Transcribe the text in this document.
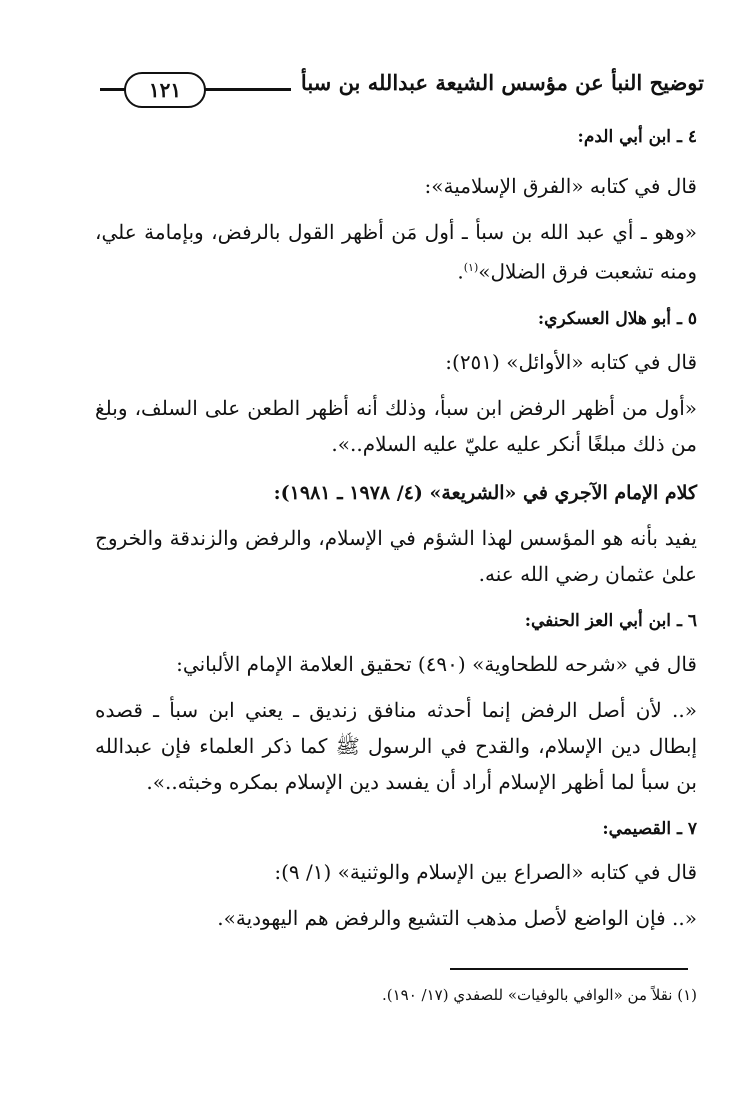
١٢١	توضيح النبأ عن مؤسس الشيعة عبدالله بن سبأ

٤ ـ ابن أبي الدم:

قال في كتابه «الفرق الإسلامية»:

«وهو ـ أي عبد الله بن سبأ ـ أول مَن أظهر القول بالرفض، وبإمامة علي، ومنه تشعبت فرق الضلال»$^{(١)}$.

٥ ـ أبو هلال العسكري:

قال في كتابه «الأوائل» (٢٥١):

«أول من أظهر الرفض ابن سبأ، وذلك أنه أظهر الطعن على السلف، وبلغ من ذلك مبلغًا أنكر عليه عليّ عليه السلام..».

كلام الإمام الآجري في «الشريعة» (٤/ ١٩٧٨ ـ ١٩٨١):

يفيد بأنه هو المؤسس لهذا الشؤم في الإسلام، والرفض والزندقة والخروج علىٰ عثمان رضي الله عنه.

٦ ـ ابن أبي العز الحنفي:

قال في «شرحه للطحاوية» (٤٩٠) تحقيق العلامة الإمام الألباني:

«.. لأن أصل الرفض إنما أحدثه منافق زنديق ـ يعني ابن سبأ ـ قصده إبطال دين الإسلام، والقدح في الرسول ﷺ كما ذكر العلماء فإن عبدالله بن سبأ لما أظهر الإسلام أراد أن يفسد دين الإسلام بمكره وخبثه..».

٧ ـ القصيمي:

قال في كتابه «الصراع بين الإسلام والوثنية» (١/ ٩):

«.. فإن الواضع لأصل مذهب التشيع والرفض هم اليهودية».

(١) نقلاً من «الوافي بالوفيات» للصفدي (١٧/ ١٩٠).
